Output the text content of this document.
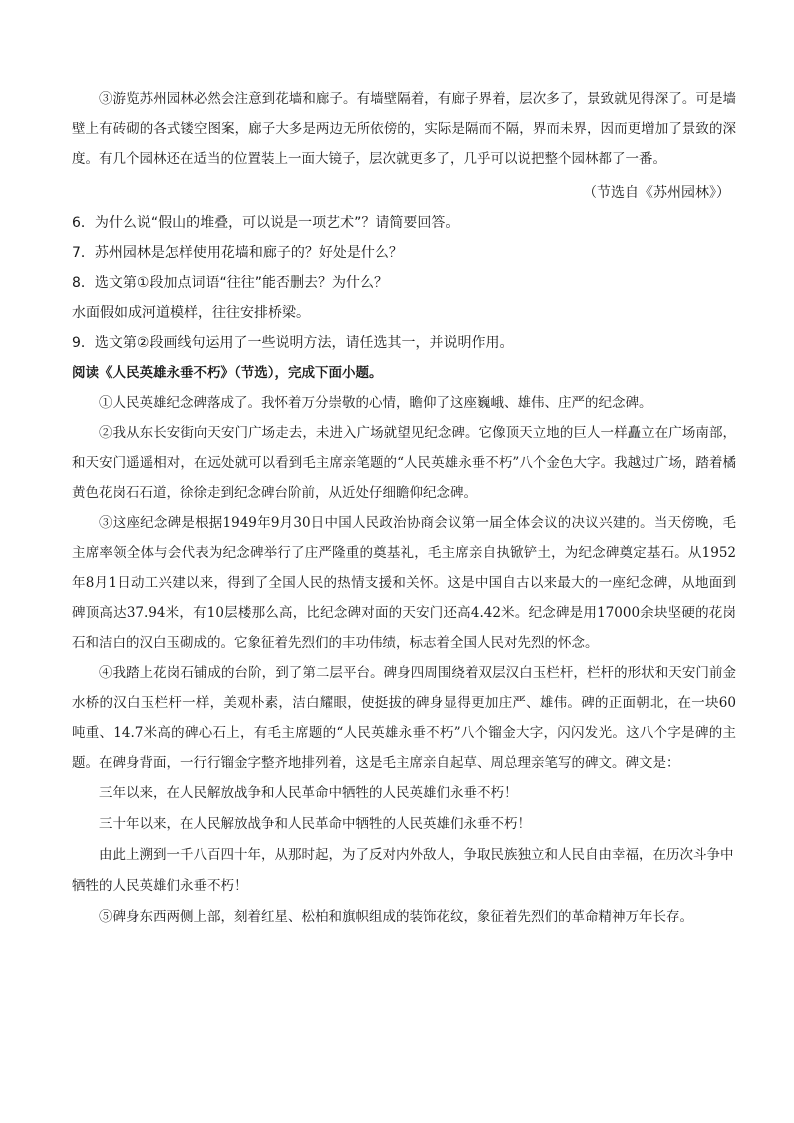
③游览苏州园林必然会注意到花墙和廊子。有墙壁隔着，有廊子界着，层次多了，景致就见得深了。可是墙壁上有砖砌的各式镂空图案，廊子大多是两边无所依傍的，实际是隔而不隔，界而未界，因而更增加了景致的深度。有几个园林还在适当的位置装上一面大镜子，层次就更多了，几乎可以说把整个园林都了一番。

（节选自《苏州园林》）

6．为什么说“假山的堆叠，可以说是一项艺术”？请简要回答。

7．苏州园林是怎样使用花墙和廊子的？好处是什么？

8．选文第①段加点词语“往往”能否删去？为什么？

水面假如成河道模样，往往安排桥梁。

9．选文第②段画线句运用了一些说明方法，请任选其一，并说明作用。

阅读《人民英雄永垂不朽》（节选），完成下面小题。

①人民英雄纪念碑落成了。我怀着万分崇敬的心情，瞻仰了这座巍峨、雄伟、庄严的纪念碑。

②我从东长安街向天安门广场走去，未进入广场就望见纪念碑。它像顶天立地的巨人一样矗立在广场南部，和天安门遥遥相对，在远处就可以看到毛主席亲笔题的“人民英雄永垂不朽”八个金色大字。我越过广场，踏着橘黄色花岗石石道，徐徐走到纪念碑台阶前，从近处仔细瞻仰纪念碑。

③这座纪念碑是根据1949年9月30日中国人民政治协商会议第一届全体会议的决议兴建的。当天傍晚，毛主席率领全体与会代表为纪念碑举行了庄严隆重的奠基礼，毛主席亲自执锨铲土，为纪念碑奠定基石。从1952年8月1日动工兴建以来，得到了全国人民的热情支援和关怀。这是中国自古以来最大的一座纪念碑，从地面到碑顶高达37.94米，有10层楼那么高，比纪念碑对面的天安门还高4.42米。纪念碑是用17000余块坚硬的花岗石和洁白的汉白玉砌成的。它象征着先烈们的丰功伟绩，标志着全国人民对先烈的怀念。

④我踏上花岗石铺成的台阶，到了第二层平台。碑身四周围绕着双层汉白玉栏杆，栏杆的形状和天安门前金水桥的汉白玉栏杆一样，美观朴素，洁白耀眼，使挺拔的碑身显得更加庄严、雄伟。碑的正面朝北，在一块60吨重、14.7米高的碑心石上，有毛主席题的“人民英雄永垂不朽”八个镏金大字，闪闪发光。这八个字是碑的主题。在碑身背面，一行行镏金字整齐地排列着，这是毛主席亲自起草、周总理亲笔写的碑文。碑文是：

三年以来，在人民解放战争和人民革命中牺牲的人民英雄们永垂不朽！

三十年以来，在人民解放战争和人民革命中牺牲的人民英雄们永垂不朽！

由此上溯到一千八百四十年，从那时起，为了反对内外敌人，争取民族独立和人民自由幸福，在历次斗争中牺牲的人民英雄们永垂不朽！

⑤碑身东西两侧上部，刻着红星、松柏和旗帜组成的装饰花纹，象征着先烈们的革命精神万年长存。
